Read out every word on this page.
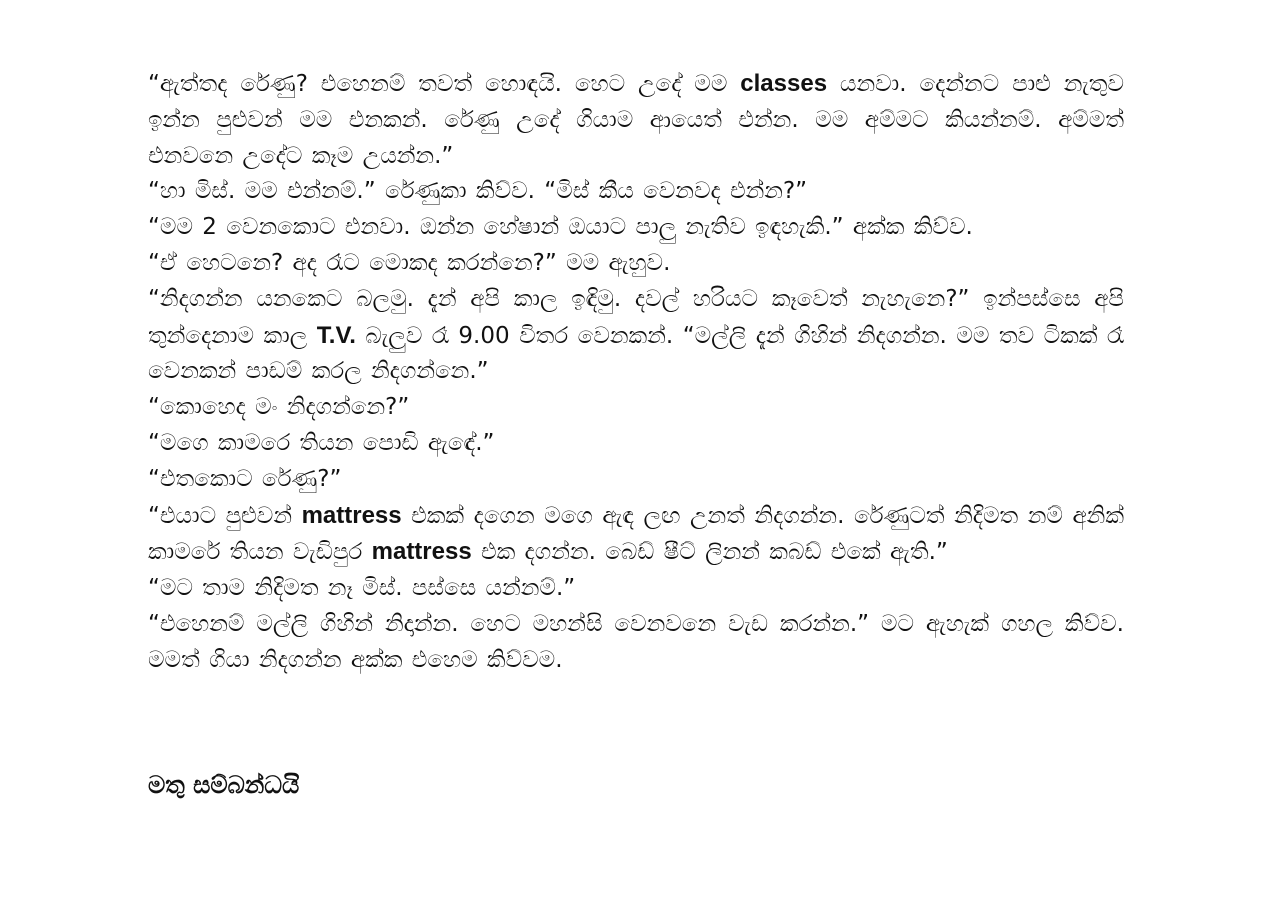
“ඇත්තද රේණු? එහෙනම් තවත් හොඳයි. හෙට උදේ මම classes යනවා. දෙන්නට පාළු නැතුව ඉන්න පුළුවන් මම එනකන්. රේණු උදේ ගියාම ආයෙත් එන්න. මම අම්මට කියන්නම්. අම්මත් එනවනෙ උදේට කෑම උයන්න.”

“හා මිස්. මම එන්නම්.” රේණුකා කිව්ව. “මිස් කීය වෙනවද එන්න?”

“මම 2 වෙනකොට එනවා. ඔන්න හේෂාන් ඔයාට පාලු නැතිව ඉඳහැකි.” අක්ක කිව්ව.

“ඒ හෙටනෙ? අද රෑට මොකද කරන්නෙ?” මම ඇහුව.

“නිදගන්න යනකෙට බලමු. දැන් අපි කාල ඉඳිමු. දවල් හරියට කෑවෙත් නැහැනෙ?” ඉන්පස්සෙ අපි තුන්දෙනාම කාල T.V. බැලුව රෑ 9.00 විතර වෙනකන්. “මල්ලි දැන් ගිහින් නිදගන්න. මම තව ටිකක් රෑ වෙනකන් පාඩම් කරල නිදගන්නෙ.”

“කොහෙද මං නිදගන්නෙ?”

“මගෙ කාමරෙ තියන පොඩි ඇඳේ.”

“එතකොට රේණු?”

“එයාට පුළුවන් mattress එකක් දගෙන මගෙ ඇඳ ලඟ උනත් නිදගන්න. රේණුටත් නිදිමත නම් අනික් කාමරේ තියන වැඩිපුර mattress එක දගන්න. බෙඩ් ෂීට් ලිනන් කබඩ් එකේ ඇති.”

“මට තාම නිදිමත නෑ මිස්. පස්සෙ යන්නම්.”

“එහෙනම් මල්ලි ගිහින් නිදාන්න. හෙට මහන්සි වෙනවනෙ වැඩ කරන්න.” මට ඇහැක් ගහල කිව්ව. මමත් ගියා නිදගන්න අක්ක එහෙම කිව්වම.

මතු සම්බන්ධයි
